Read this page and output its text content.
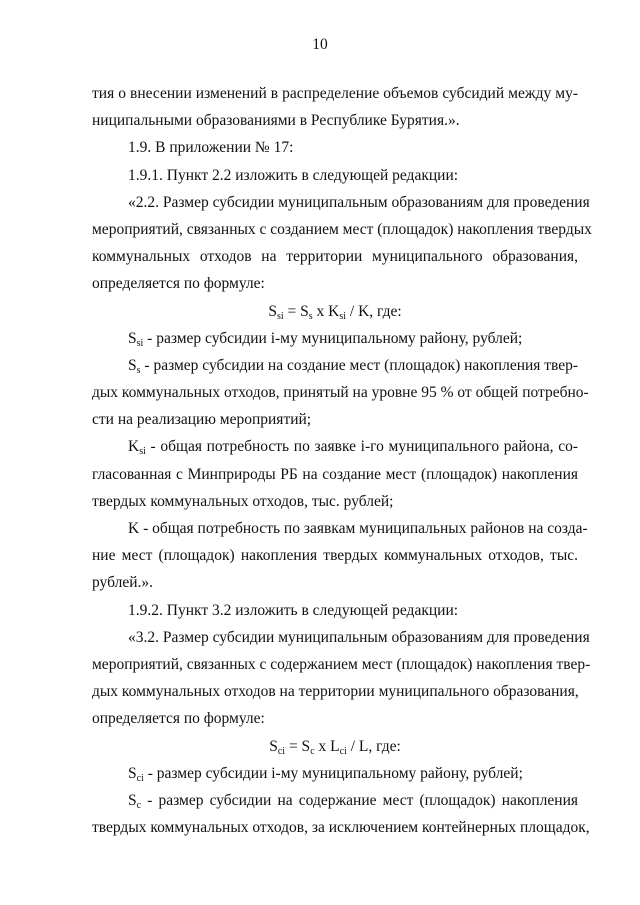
10
тия о внесении изменений в распределение объемов субсидий между му-
ниципальными образованиями в Республике Бурятия.».
1.9. В приложении № 17:
1.9.1. Пункт 2.2 изложить в следующей редакции:
«2.2. Размер субсидии муниципальным образованиям для проведения
мероприятий, связанных с созданием мест (площадок) накопления твердых
коммунальных отходов на территории муниципального образования,
определяется по формуле:
$S_{si} = S_s$ x $K_{si}$ / K, где:
$S_{si}$ - размер субсидии i-му муниципальному району, рублей;
$S_s$ - размер субсидии на создание мест (площадок) накопления твер-
дых коммунальных отходов, принятый на уровне 95 % от общей потребно-
сти на реализацию мероприятий;
$K_{si}$ - общая потребность по заявке i-го муниципального района, со-
гласованная с Минприроды РБ на создание мест (площадок) накопления
твердых коммунальных отходов, тыс. рублей;
K - общая потребность по заявкам муниципальных районов на созда-
ние мест (площадок) накопления твердых коммунальных отходов, тыс.
рублей.».
1.9.2. Пункт 3.2 изложить в следующей редакции:
«3.2. Размер субсидии муниципальным образованиям для проведения
мероприятий, связанных с содержанием мест (площадок) накопления твер-
дых коммунальных отходов на территории муниципального образования,
определяется по формуле:
$S_{ci} = S_c$ x $L_{ci}$ / L, где:
$S_{ci}$ - размер субсидии i-му муниципальному району, рублей;
$S_c$ - размер субсидии на содержание мест (площадок) накопления
твердых коммунальных отходов, за исключением контейнерных площадок,
